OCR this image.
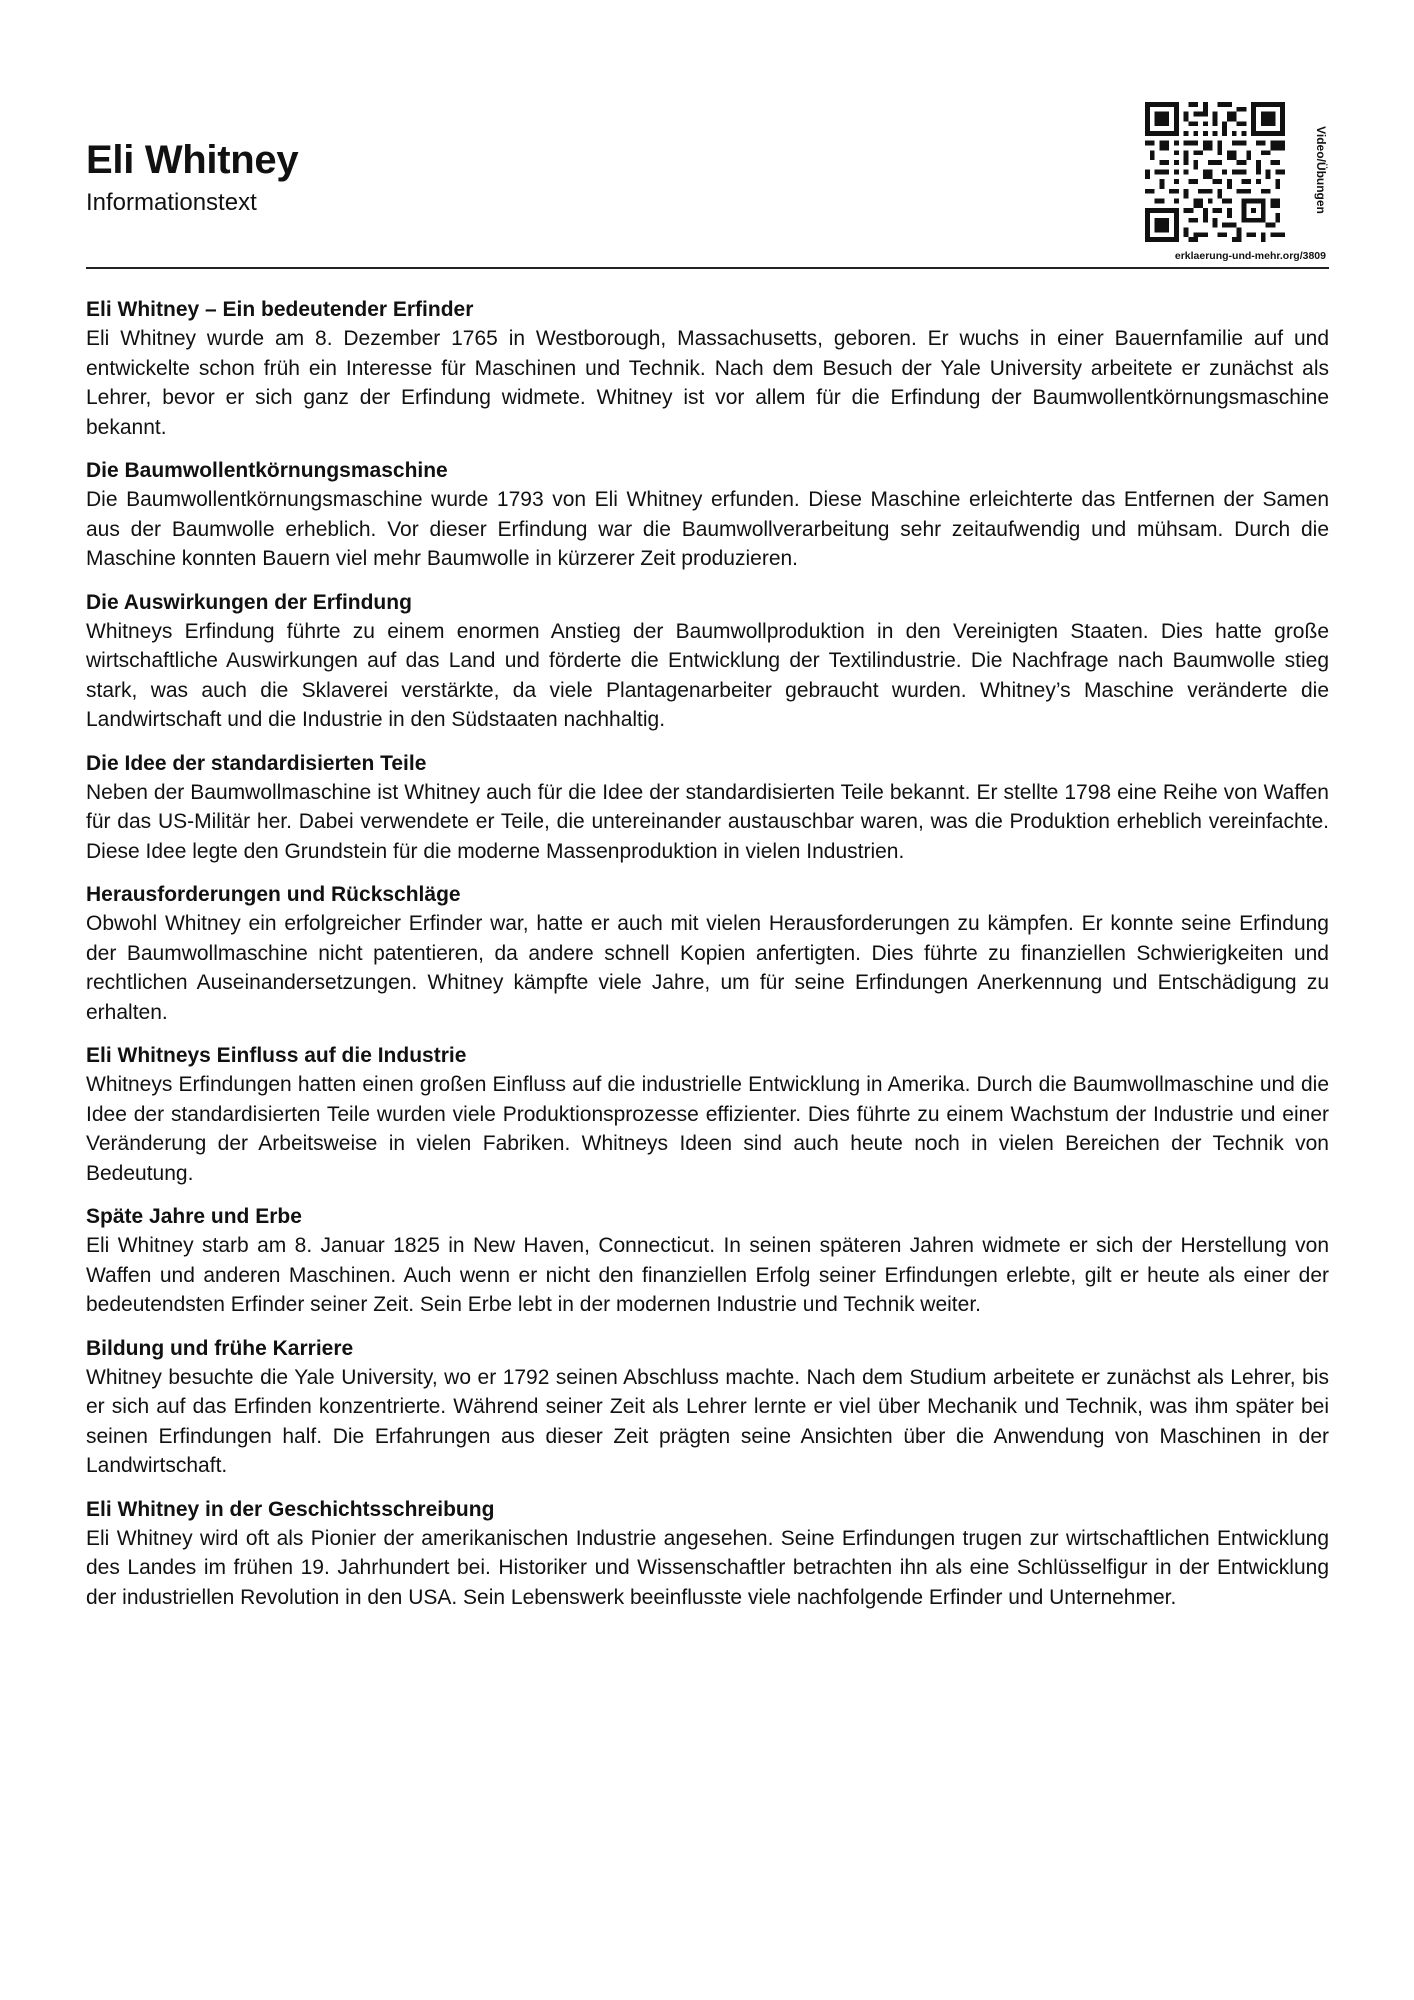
Eli Whitney

Informationstext	Video/Übungen
erklaerung-und-mehr.org/3809
Eli Whitney – Ein bedeutender Erfinder

Eli Whitney wurde am 8. Dezember 1765 in Westborough, Massachusetts, geboren. Er wuchs in einer Bauernfamilie auf und entwickelte schon früh ein Interesse für Maschinen und Technik. Nach dem Besuch der Yale University arbeitete er zunächst als Lehrer, bevor er sich ganz der Erfindung widmete. Whitney ist vor allem für die Erfindung der Baumwollentkörnungsmaschine bekannt.

Die Baumwollentkörnungsmaschine

Die Baumwollentkörnungsmaschine wurde 1793 von Eli Whitney erfunden. Diese Maschine erleichterte das Entfernen der Samen aus der Baumwolle erheblich. Vor dieser Erfindung war die Baumwollverarbeitung sehr zeitaufwendig und mühsam. Durch die Maschine konnten Bauern viel mehr Baumwolle in kürzerer Zeit produzieren.

Die Auswirkungen der Erfindung

Whitneys Erfindung führte zu einem enormen Anstieg der Baumwollproduktion in den Vereinigten Staaten. Dies hatte große wirtschaftliche Auswirkungen auf das Land und förderte die Entwicklung der Textilindustrie. Die Nachfrage nach Baumwolle stieg stark, was auch die Sklaverei verstärkte, da viele Plantagenarbeiter gebraucht wurden. Whitney’s Maschine veränderte die Landwirtschaft und die Industrie in den Südstaaten nachhaltig.

Die Idee der standardisierten Teile

Neben der Baumwollmaschine ist Whitney auch für die Idee der standardisierten Teile bekannt. Er stellte 1798 eine Reihe von Waffen für das US-Militär her. Dabei verwendete er Teile, die untereinander austauschbar waren, was die Produktion erheblich vereinfachte. Diese Idee legte den Grundstein für die moderne Massenproduktion in vielen Industrien.

Herausforderungen und Rückschläge

Obwohl Whitney ein erfolgreicher Erfinder war, hatte er auch mit vielen Herausforderungen zu kämpfen. Er konnte seine Erfindung der Baumwollmaschine nicht patentieren, da andere schnell Kopien anfertigten. Dies führte zu finanziellen Schwierigkeiten und rechtlichen Auseinandersetzungen. Whitney kämpfte viele Jahre, um für seine Erfindungen Anerkennung und Entschädigung zu erhalten.

Eli Whitneys Einfluss auf die Industrie

Whitneys Erfindungen hatten einen großen Einfluss auf die industrielle Entwicklung in Amerika. Durch die Baumwollmaschine und die Idee der standardisierten Teile wurden viele Produktionsprozesse effizienter. Dies führte zu einem Wachstum der Industrie und einer Veränderung der Arbeitsweise in vielen Fabriken. Whitneys Ideen sind auch heute noch in vielen Bereichen der Technik von Bedeutung.

Späte Jahre und Erbe

Eli Whitney starb am 8. Januar 1825 in New Haven, Connecticut. In seinen späteren Jahren widmete er sich der Herstellung von Waffen und anderen Maschinen. Auch wenn er nicht den finanziellen Erfolg seiner Erfindungen erlebte, gilt er heute als einer der bedeutendsten Erfinder seiner Zeit. Sein Erbe lebt in der modernen Industrie und Technik weiter.

Bildung und frühe Karriere

Whitney besuchte die Yale University, wo er 1792 seinen Abschluss machte. Nach dem Studium arbeitete er zunächst als Lehrer, bis er sich auf das Erfinden konzentrierte. Während seiner Zeit als Lehrer lernte er viel über Mechanik und Technik, was ihm später bei seinen Erfindungen half. Die Erfahrungen aus dieser Zeit prägten seine Ansichten über die Anwendung von Maschinen in der Landwirtschaft.

Eli Whitney in der Geschichtsschreibung

Eli Whitney wird oft als Pionier der amerikanischen Industrie angesehen. Seine Erfindungen trugen zur wirtschaftlichen Entwicklung des Landes im frühen 19. Jahrhundert bei. Historiker und Wissenschaftler betrachten ihn als eine Schlüsselfigur in der Entwicklung der industriellen Revolution in den USA. Sein Lebenswerk beeinflusste viele nachfolgende Erfinder und Unternehmer.
